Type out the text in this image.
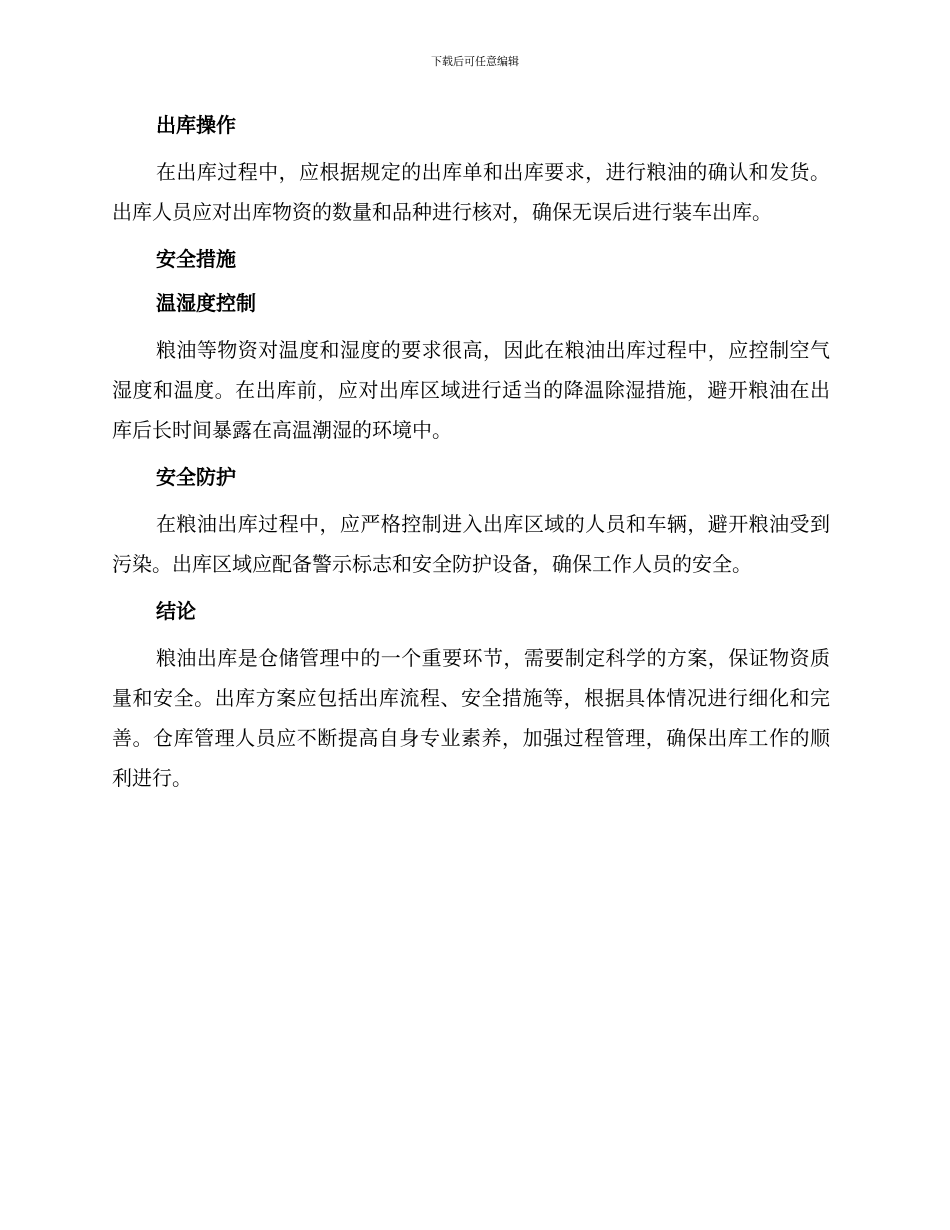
下载后可任意编辑
出库操作

在出库过程中，应根据规定的出库单和出库要求，进行粮油的确认和发货。出库人员应对出库物资的数量和品种进行核对，确保无误后进行装车出库。

安全措施
温湿度控制

粮油等物资对温度和湿度的要求很高，因此在粮油出库过程中，应控制空气湿度和温度。在出库前，应对出库区域进行适当的降温除湿措施，避开粮油在出库后长时间暴露在高温潮湿的环境中。

安全防护

在粮油出库过程中，应严格控制进入出库区域的人员和车辆，避开粮油受到污染。出库区域应配备警示标志和安全防护设备，确保工作人员的安全。

结论

粮油出库是仓储管理中的一个重要环节，需要制定科学的方案，保证物资质量和安全。出库方案应包括出库流程、安全措施等，根据具体情况进行细化和完善。仓库管理人员应不断提高自身专业素养，加强过程管理，确保出库工作的顺利进行。
